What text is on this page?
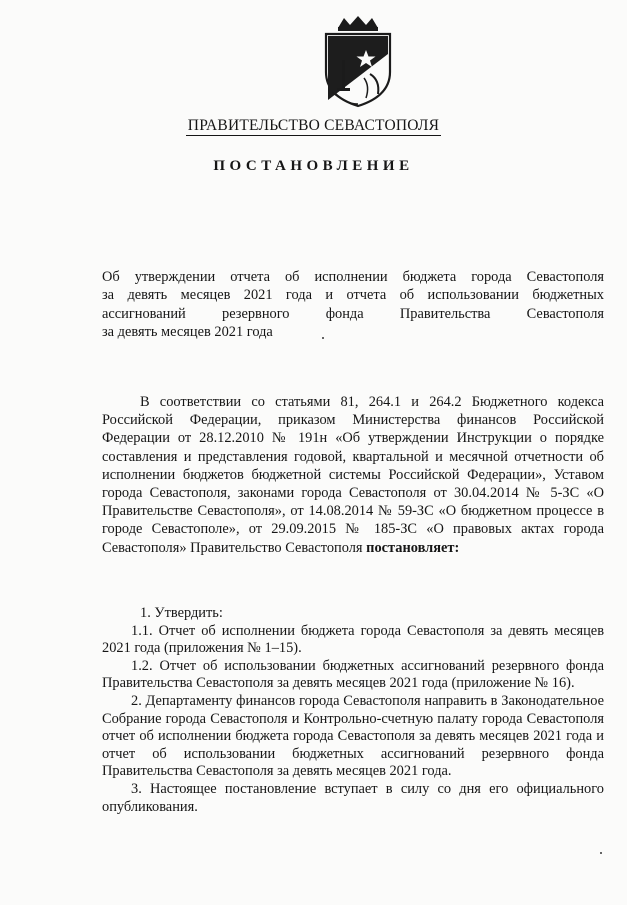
ПРАВИТЕЛЬСТВО СЕВАСТОПОЛЯ
ПОСТАНОВЛЕНИЕ
Об утверждении отчета об исполнении бюджета города Севастополя
за девять месяцев 2021 года и отчета об использовании бюджетных
ассигнований резервного фонда Правительства Севастополя
за девять месяцев 2021 года
В соответствии со статьями 81, 264.1 и 264.2 Бюджетного кодекса Российской Федерации, приказом Министерства финансов Российской Федерации от 28.12.2010 № 191н «Об утверждении Инструкции о порядке составления и представления годовой, квартальной и месячной отчетности об исполнении бюджетов бюджетной системы Российской Федерации», Уставом города Севастополя, законами города Севастополя от 30.04.2014 № 5-ЗС «О Правительстве Севастополя», от 14.08.2014 № 59-ЗС «О бюджетном процессе в городе Севастополе», от 29.09.2015 № 185-ЗС «О правовых актах города Севастополя» Правительство Севастополя постановляет:

1. Утвердить:

1.1. Отчет об исполнении бюджета города Севастополя за девять месяцев 2021 года (приложения № 1–15).

1.2. Отчет об использовании бюджетных ассигнований резервного фонда Правительства Севастополя за девять месяцев 2021 года (приложение № 16).

2. Департаменту финансов города Севастополя направить в Законодательное Собрание города Севастополя и Контрольно-счетную палату города Севастополя отчет об исполнении бюджета города Севастополя за девять месяцев 2021 года и отчет об использовании бюджетных ассигнований резервного фонда Правительства Севастополя за девять месяцев 2021 года.

3. Настоящее постановление вступает в силу со дня его официального опубликования.
